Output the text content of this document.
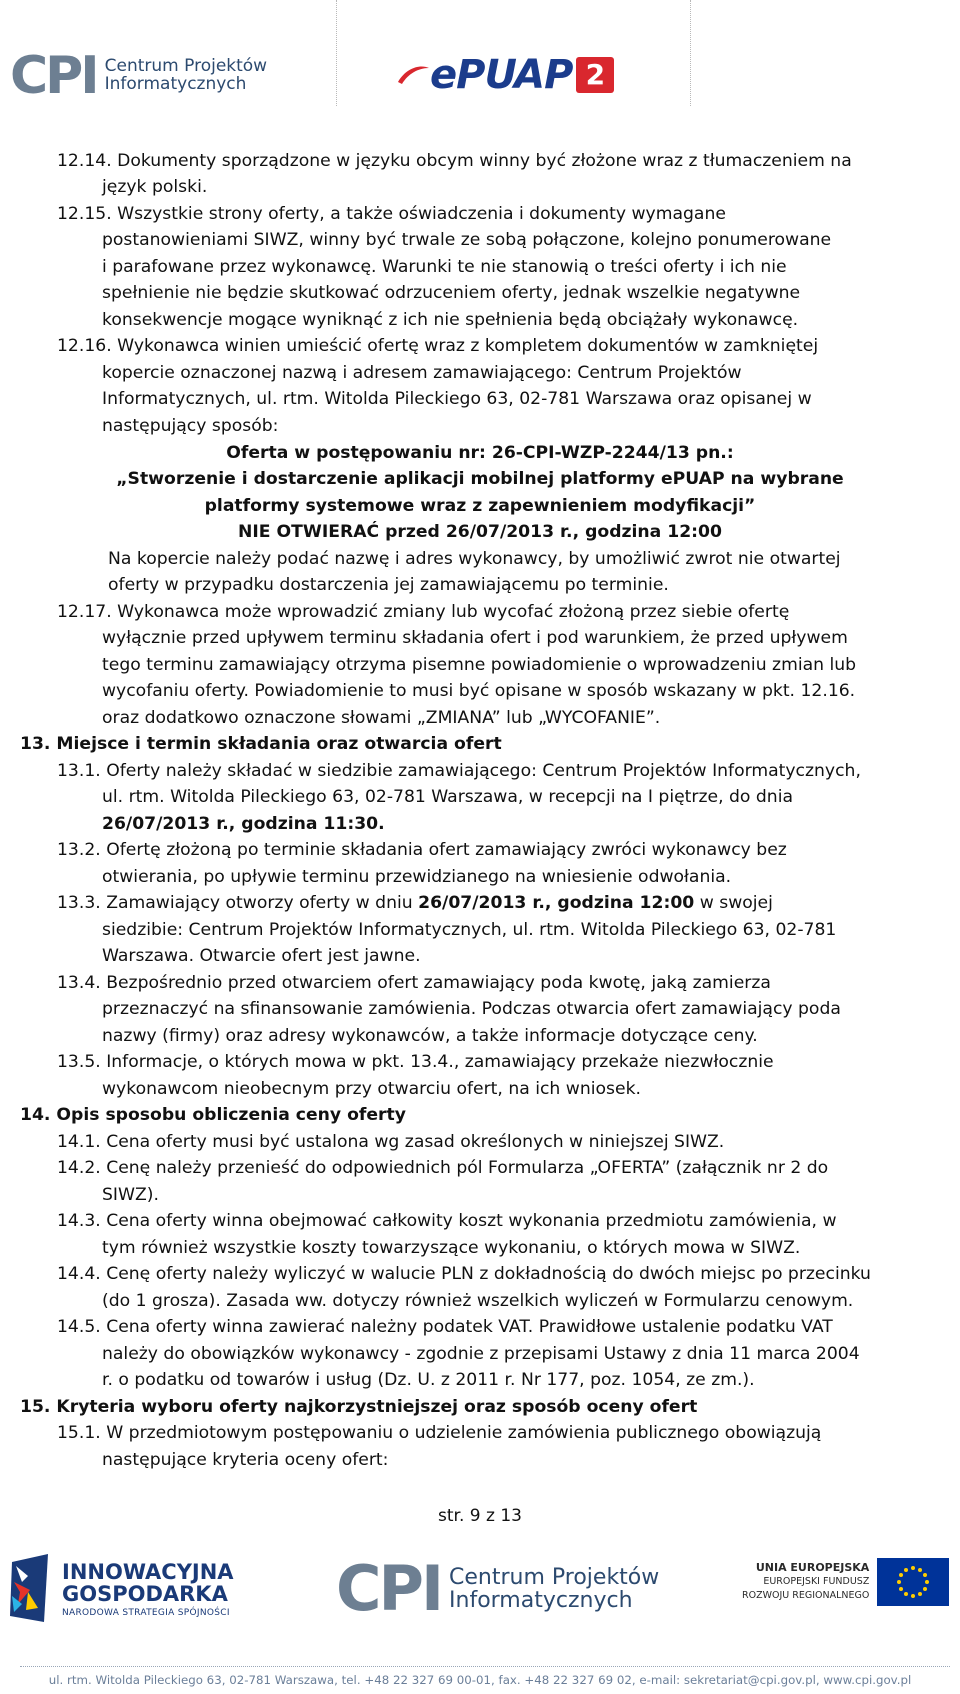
CPI Centrum Projektów
Informatycznych	ePUAP 2
12.14. Dokumenty sporządzone w języku obcym winny być złożone wraz z tłumaczeniem na
język polski.
12.15. Wszystkie strony oferty, a także oświadczenia i dokumenty wymagane
postanowieniami SIWZ, winny być trwale ze sobą połączone, kolejno ponumerowane
i parafowane przez wykonawcę. Warunki te nie stanowią o treści oferty i ich nie
spełnienie nie będzie skutkować odrzuceniem oferty, jednak wszelkie negatywne
konsekwencje mogące wyniknąć z ich nie spełnienia będą obciążały wykonawcę.
12.16. Wykonawca winien umieścić ofertę wraz z kompletem dokumentów w zamkniętej
kopercie oznaczonej nazwą i adresem zamawiającego: Centrum Projektów
Informatycznych, ul. rtm. Witolda Pileckiego 63, 02-781 Warszawa oraz opisanej w
następujący sposób:
Oferta w postępowaniu nr: 26-CPI-WZP-2244/13 pn.:
„Stworzenie i dostarczenie aplikacji mobilnej platformy ePUAP na wybrane
platformy systemowe wraz z zapewnieniem modyfikacji”
NIE OTWIERAĆ przed 26/07/2013 r., godzina 12:00
Na kopercie należy podać nazwę i adres wykonawcy, by umożliwić zwrot nie otwartej
oferty w przypadku dostarczenia jej zamawiającemu po terminie.
12.17. Wykonawca może wprowadzić zmiany lub wycofać złożoną przez siebie ofertę
wyłącznie przed upływem terminu składania ofert i pod warunkiem, że przed upływem
tego terminu zamawiający otrzyma pisemne powiadomienie o wprowadzeniu zmian lub
wycofaniu oferty. Powiadomienie to musi być opisane w sposób wskazany w pkt. 12.16.
oraz dodatkowo oznaczone słowami „ZMIANA” lub „WYCOFANIE”.
13. Miejsce i termin składania oraz otwarcia ofert
13.1. Oferty należy składać w siedzibie zamawiającego: Centrum Projektów Informatycznych,
ul. rtm. Witolda Pileckiego 63, 02-781 Warszawa, w recepcji na I piętrze, do dnia
26/07/2013 r., godzina 11:30.
13.2. Ofertę złożoną po terminie składania ofert zamawiający zwróci wykonawcy bez
otwierania, po upływie terminu przewidzianego na wniesienie odwołania.
13.3. Zamawiający otworzy oferty w dniu 26/07/2013 r., godzina 12:00 w swojej
siedzibie: Centrum Projektów Informatycznych, ul. rtm. Witolda Pileckiego 63, 02-781
Warszawa. Otwarcie ofert jest jawne.
13.4. Bezpośrednio przed otwarciem ofert zamawiający poda kwotę, jaką zamierza
przeznaczyć na sfinansowanie zamówienia. Podczas otwarcia ofert zamawiający poda
nazwy (firmy) oraz adresy wykonawców, a także informacje dotyczące ceny.
13.5. Informacje, o których mowa w pkt. 13.4., zamawiający przekaże niezwłocznie
wykonawcom nieobecnym przy otwarciu ofert, na ich wniosek.
14. Opis sposobu obliczenia ceny oferty
14.1. Cena oferty musi być ustalona wg zasad określonych w niniejszej SIWZ.
14.2. Cenę należy przenieść do odpowiednich pól Formularza „OFERTA” (załącznik nr 2 do
SIWZ).
14.3. Cena oferty winna obejmować całkowity koszt wykonania przedmiotu zamówienia, w
tym również wszystkie koszty towarzyszące wykonaniu, o których mowa w SIWZ.
14.4. Cenę oferty należy wyliczyć w walucie PLN z dokładnością do dwóch miejsc po przecinku
(do 1 grosza). Zasada ww. dotyczy również wszelkich wyliczeń w Formularzu cenowym.
14.5. Cena oferty winna zawierać należny podatek VAT. Prawidłowe ustalenie podatku VAT
należy do obowiązków wykonawcy - zgodnie z przepisami Ustawy z dnia 11 marca 2004
r. o podatku od towarów i usług (Dz. U. z 2011 r. Nr 177, poz. 1054, ze zm.).
15. Kryteria wyboru oferty najkorzystniejszej oraz sposób oceny ofert
15.1. W przedmiotowym postępowaniu o udzielenie zamówienia publicznego obowiązują
następujące kryteria oceny ofert:
str. 9 z 13
INNOWACYJNA
GOSPODARKA
NARODOWA STRATEGIA SPÓJNOŚCI CPI Centrum Projektów
Informatycznych
UNIA EUROPEJSKA
EUROPEJSKI FUNDUSZ
ROZWOJU REGIONALNEGO
ul. rtm. Witolda Pileckiego 63, 02-781 Warszawa, tel. +48 22 327 69 00-01, fax. +48 22 327 69 02, e-mail: sekretariat@cpi.gov.pl, www.cpi.gov.pl
